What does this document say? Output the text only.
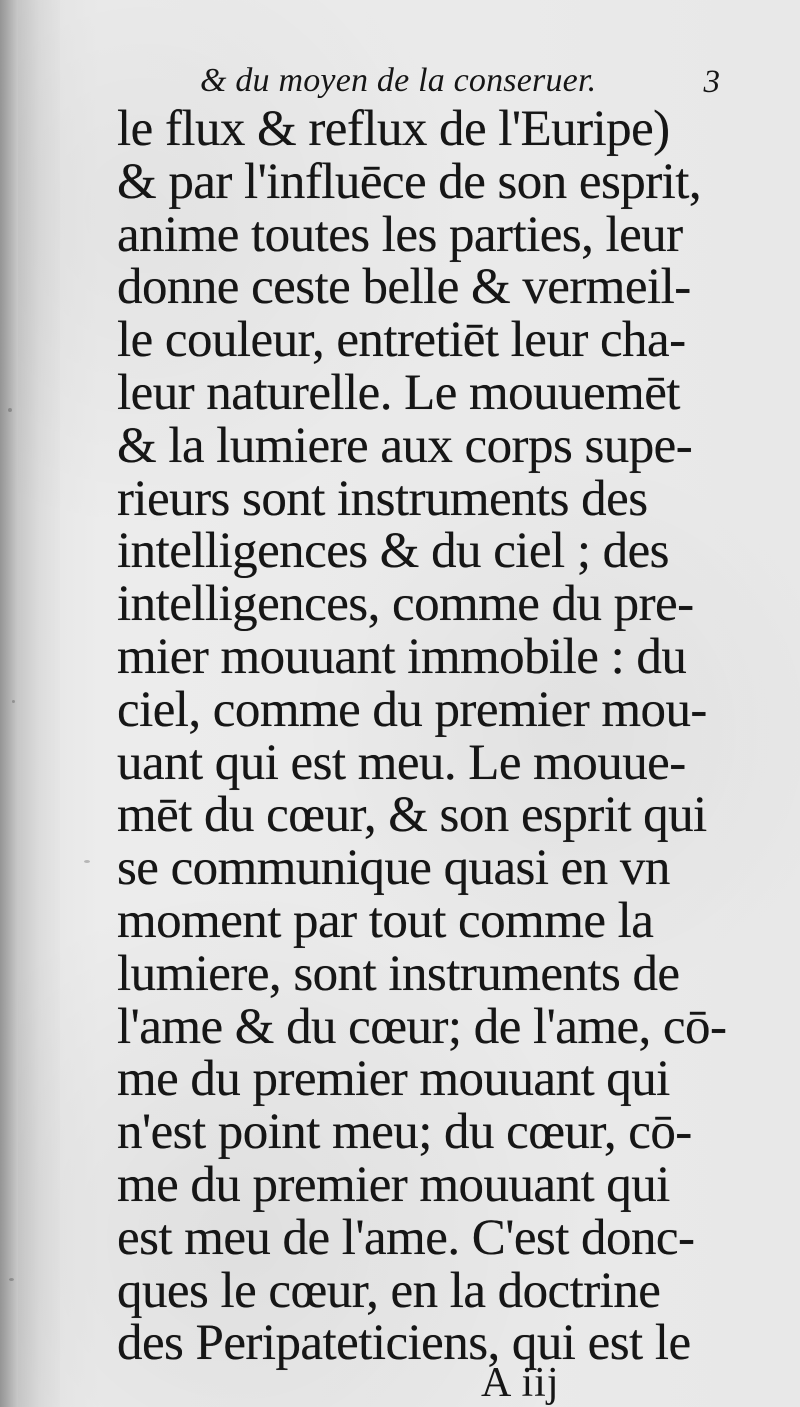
& du moyen de la conseruer.	3
le flux & reflux de l'Euripe)
& par l'influēce de son esprit,
anime toutes les parties, leur
donne ceste belle & vermeil-
le couleur, entretiēt leur cha-
leur naturelle. Le mouuemēt
& la lumiere aux corps supe-
rieurs sont instruments des
intelligences & du ciel ; des
intelligences, comme du pre-
mier mouuant immobile : du
ciel, comme du premier mou-
uant qui est meu. Le mouue-
mēt du cœur, & son esprit qui
se communique quasi en vn
moment par tout comme la
lumiere, sont instruments de
l'ame & du cœur; de l'ame, cō-
me du premier mouuant qui
n'est point meu; du cœur, cō-
me du premier mouuant qui
est meu de l'ame. C'est donc-
ques le cœur, en la doctrine
des Peripateticiens, qui est le
A iij
